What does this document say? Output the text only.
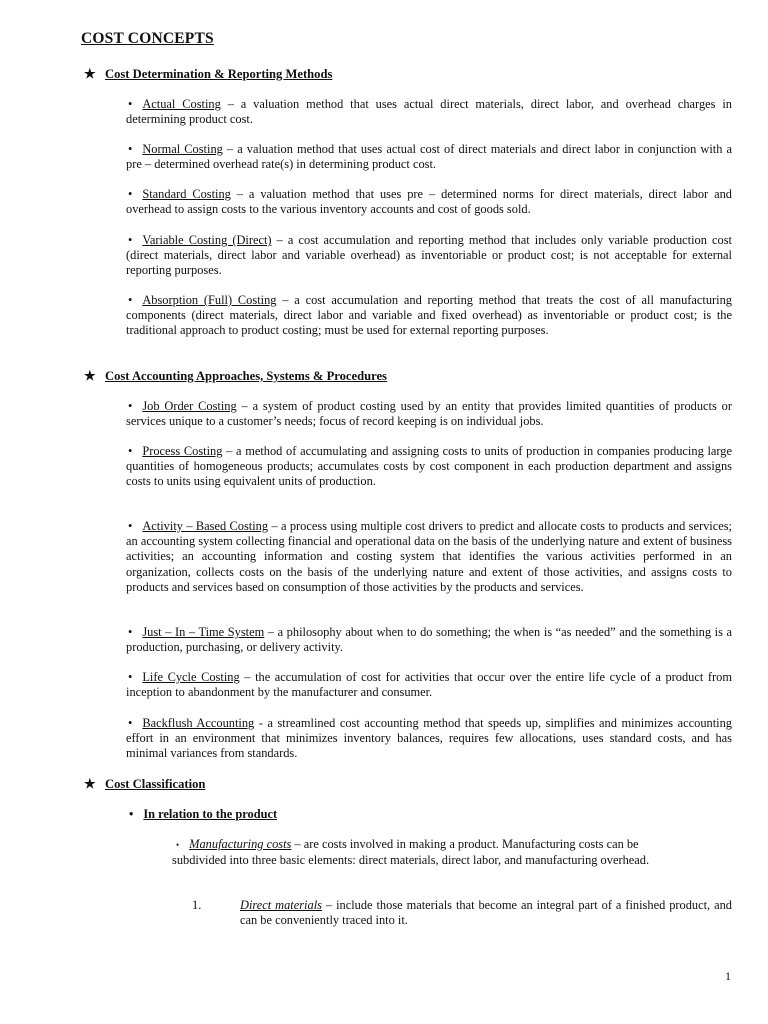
COST CONCEPTS
★ Cost Determination & Reporting Methods

• Actual Costing – a valuation method that uses actual direct materials, direct labor, and overhead charges in determining product cost.

• Normal Costing – a valuation method that uses actual cost of direct materials and direct labor in conjunction with a pre – determined overhead rate(s) in determining product cost.

• Standard Costing – a valuation method that uses pre – determined norms for direct materials, direct labor and overhead to assign costs to the various inventory accounts and cost of goods sold.

• Variable Costing (Direct) – a cost accumulation and reporting method that includes only variable production cost (direct materials, direct labor and variable overhead) as inventoriable or product cost; is not acceptable for external reporting purposes.

• Absorption (Full) Costing – a cost accumulation and reporting method that treats the cost of all manufacturing components (direct materials, direct labor and variable and fixed overhead) as inventoriable or product cost; is the traditional approach to product costing; must be used for external reporting purposes.

★ Cost Accounting Approaches, Systems & Procedures

• Job Order Costing – a system of product costing used by an entity that provides limited quantities of products or services unique to a customer’s needs; focus of record keeping is on individual jobs.

• Process Costing – a method of accumulating and assigning costs to units of production in companies producing large quantities of homogeneous products; accumulates costs by cost component in each production department and assigns costs to units using equivalent units of production.

• Activity – Based Costing – a process using multiple cost drivers to predict and allocate costs to products and services; an accounting system collecting financial and operational data on the basis of the underlying nature and extent of business activities; an accounting information and costing system that identifies the various activities performed in an organization, collects costs on the basis of the underlying nature and extent of those activities, and assigns costs to products and services based on consumption of those activities by the products and services.

• Just – In – Time System – a philosophy about when to do something; the when is “as needed” and the something is a production, purchasing, or delivery activity.

• Life Cycle Costing – the accumulation of cost for activities that occur over the entire life cycle of a product from inception to abandonment by the manufacturer and consumer.

• Backflush Accounting - a streamlined cost accounting method that speeds up, simplifies and minimizes accounting effort in an environment that minimizes inventory balances, requires few allocations, uses standard costs, and has minimal variances from standards.

★ Cost Classification

• In relation to the product

• Manufacturing costs – are costs involved in making a product. Manufacturing costs can be
subdivided into three basic elements: direct materials, direct labor, and manufacturing overhead.

1.	Direct materials – include those materials that become an integral part of a finished product, and can be conveniently traced into it.

1
